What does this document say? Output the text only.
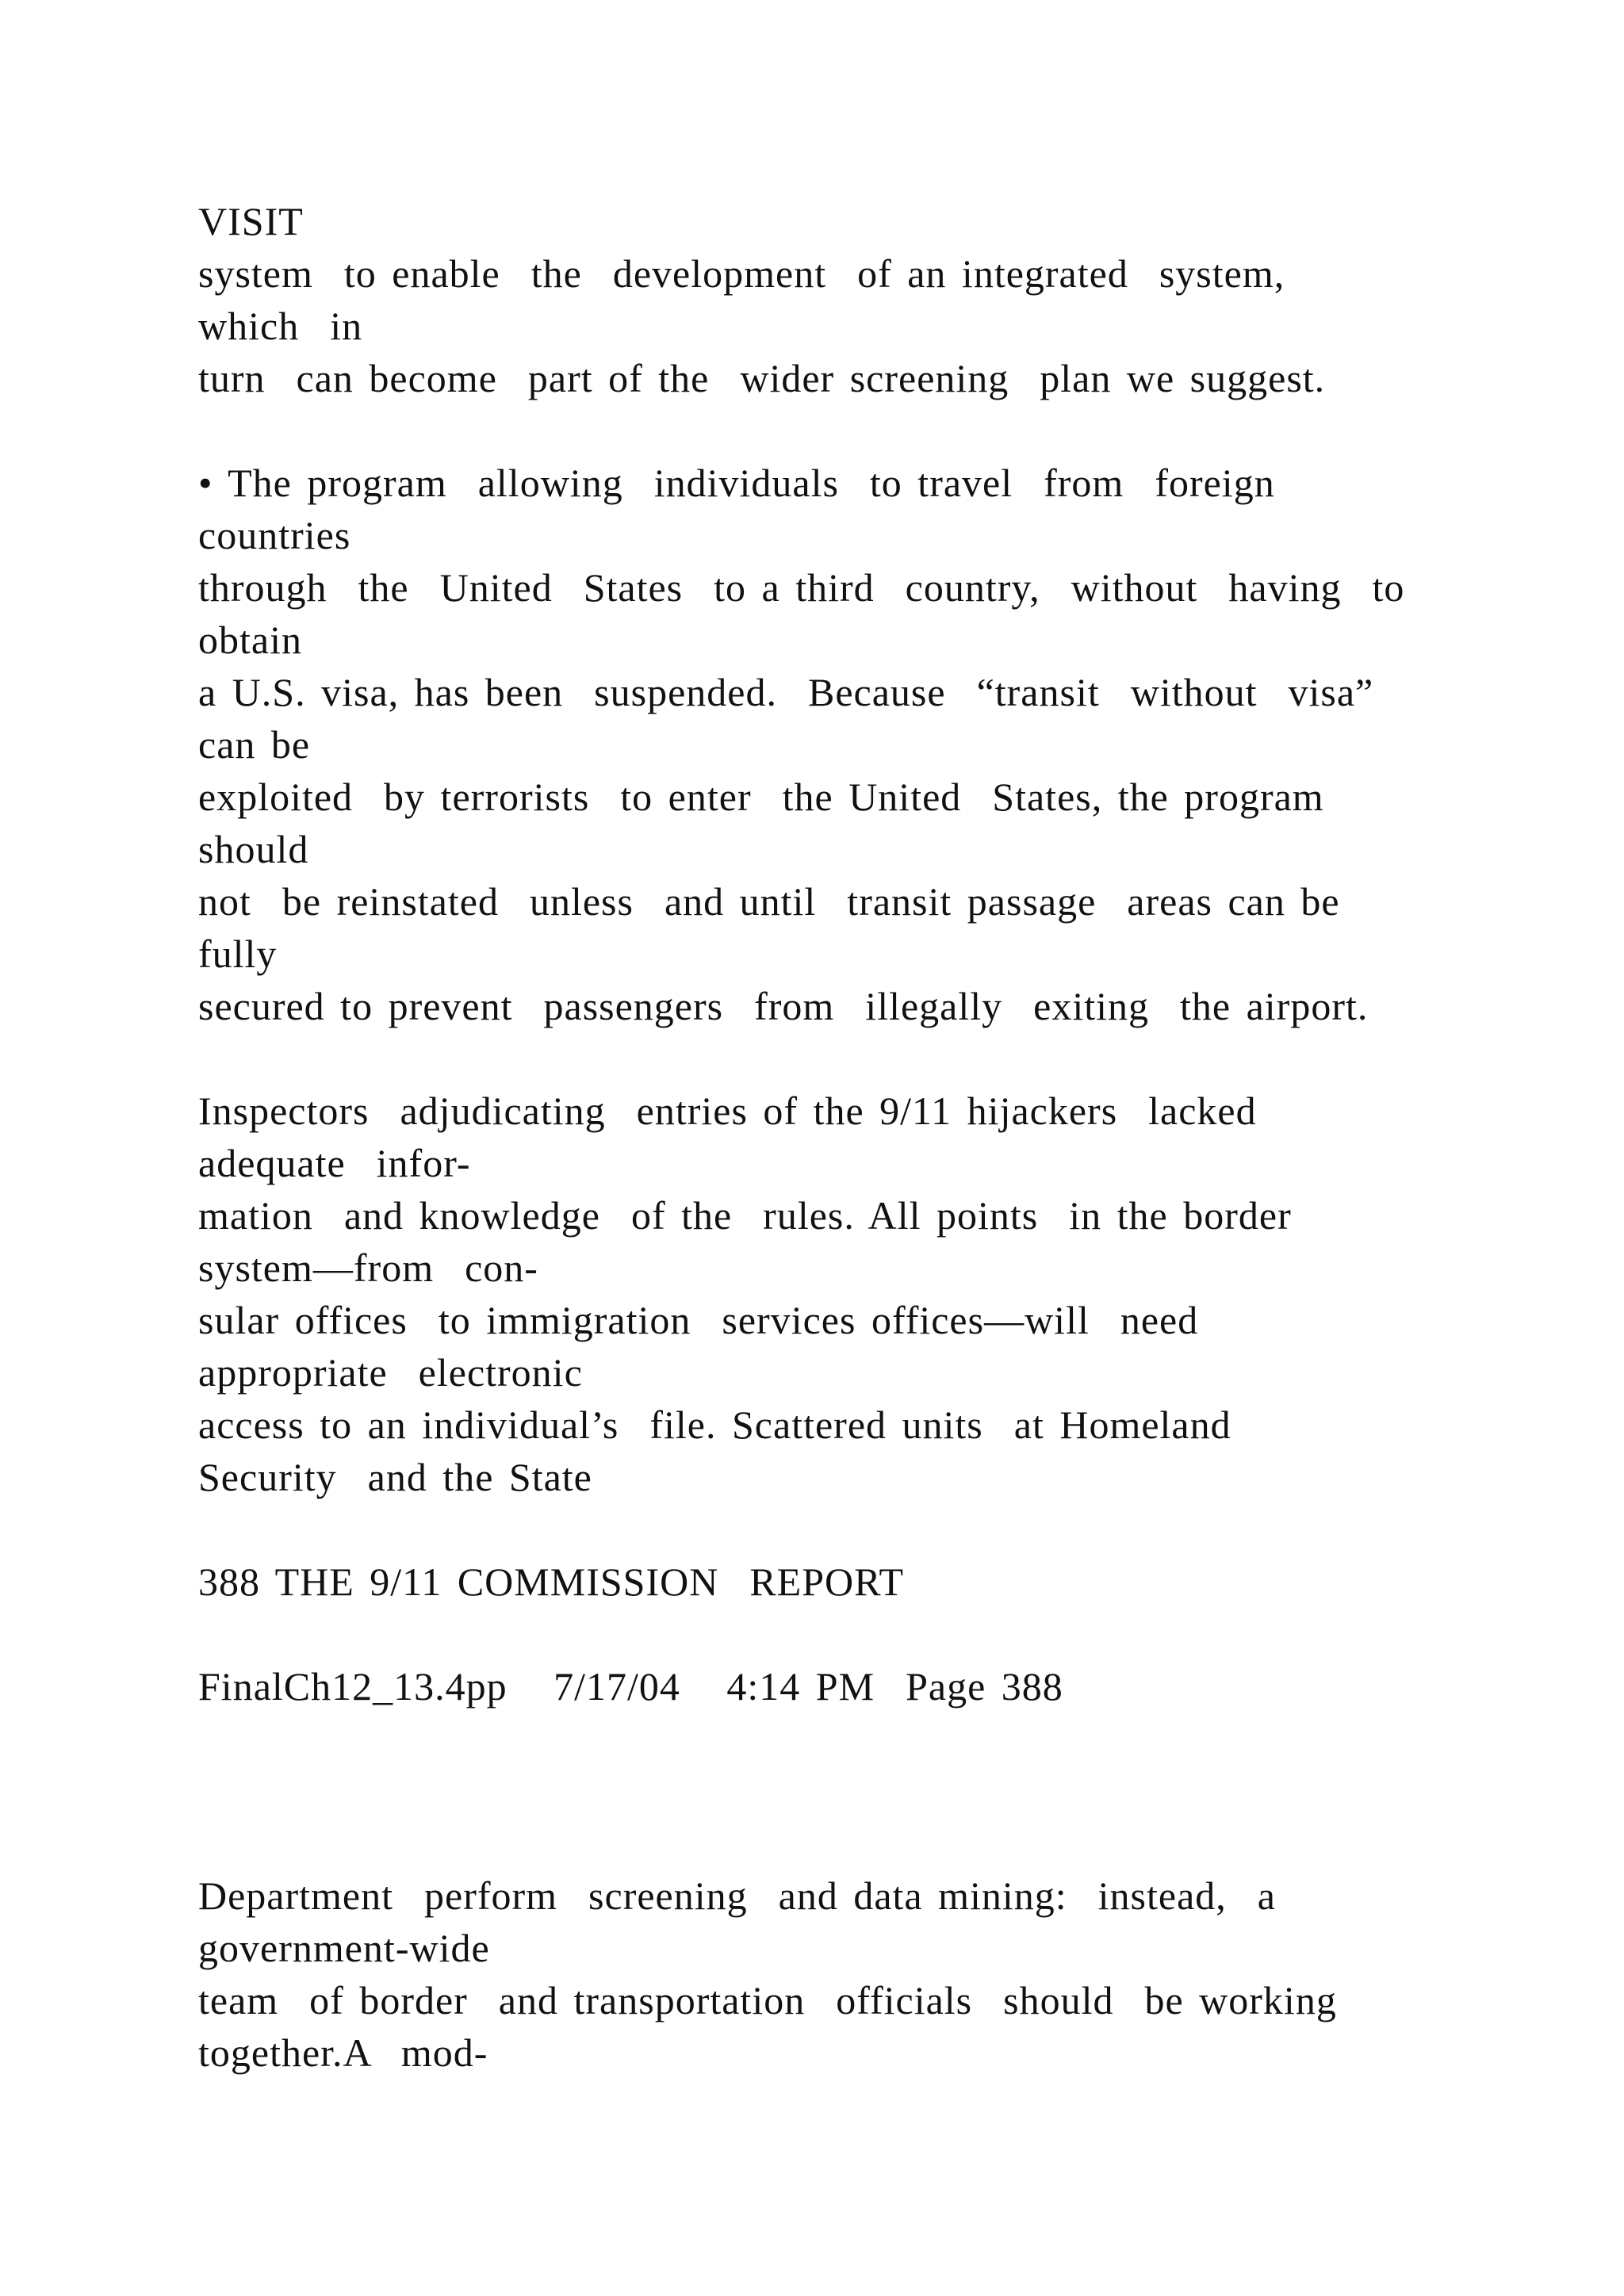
VISIT
system  to enable  the  development  of an integrated  system,
which  in
turn  can become  part of the  wider screening  plan we suggest.
• The program  allowing  individuals  to travel  from  foreign
countries
through  the  United  States  to a third  country,  without  having  to
obtain
a U.S. visa, has been  suspended.  Because  “transit  without  visa”
can be
exploited  by terrorists  to enter  the United  States, the program
should
not  be reinstated  unless  and until  transit passage  areas can be
fully
secured to prevent  passengers  from  illegally  exiting  the airport.
Inspectors  adjudicating  entries of the 9/11 hijackers  lacked
adequate  infor-
mation  and knowledge  of the  rules. All points  in the border
system—from  con-
sular offices  to immigration  services offices—will  need
appropriate  electronic
access to an individual’s  file. Scattered units  at Homeland
Security  and the State
388 THE 9/11 COMMISSION  REPORT
FinalCh12_13.4pp   7/17/04   4:14 PM  Page 388
Department  perform  screening  and data mining:  instead,  a
government-wide
team  of border  and transportation  officials  should  be working
together.A  mod-
